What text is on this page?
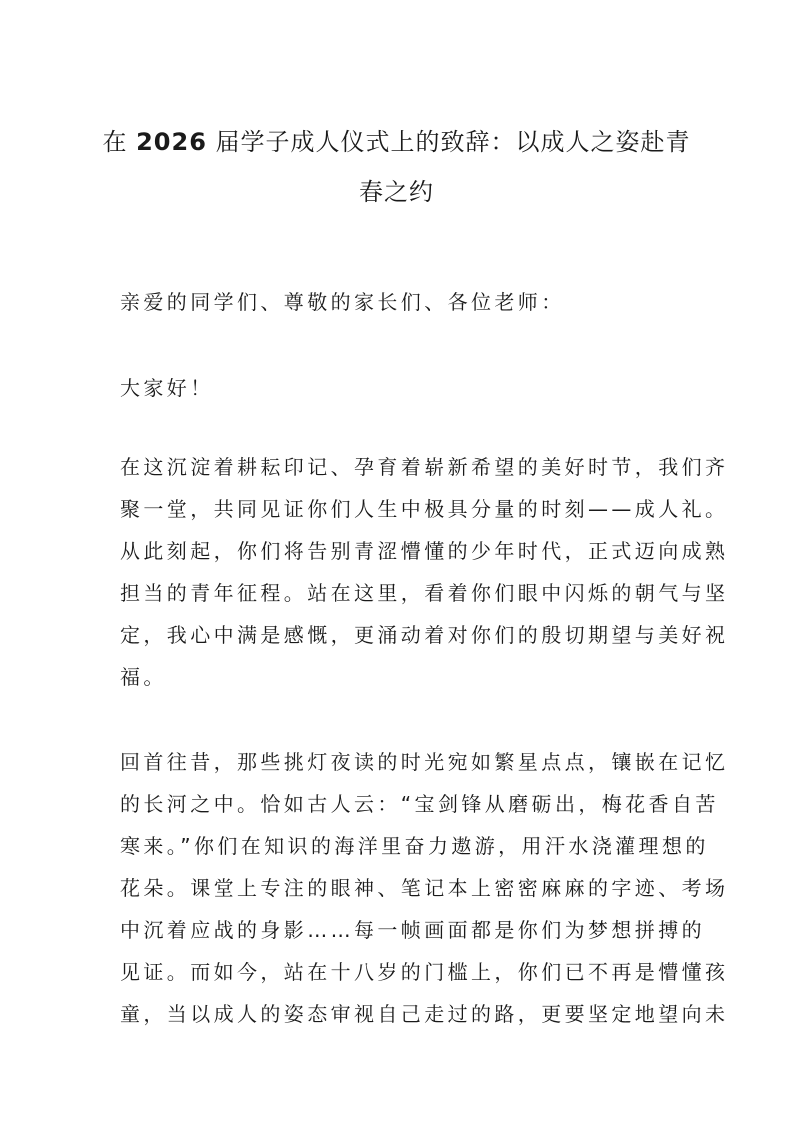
在 2026 届学子成人仪式上的致辞：以成人之姿赴青
春之约
亲爱的同学们、尊敬的家长们、各位老师：
大家好！
在这沉淀着耕耘印记、孕育着崭新希望的美好时节，我们齐
聚一堂，共同见证你们人生中极具分量的时刻——成人礼。
从此刻起，你们将告别青涩懵懂的少年时代，正式迈向成熟
担当的青年征程。站在这里，看着你们眼中闪烁的朝气与坚
定，我心中满是感慨，更涌动着对你们的殷切期望与美好祝
福。
回首往昔，那些挑灯夜读的时光宛如繁星点点，镶嵌在记忆
的长河之中。恰如古人云：“宝剑锋从磨砺出，梅花香自苦
寒来。”你们在知识的海洋里奋力遨游，用汗水浇灌理想的
花朵。课堂上专注的眼神、笔记本上密密麻麻的字迹、考场
中沉着应战的身影……每一帧画面都是你们为梦想拼搏的
见证。而如今，站在十八岁的门槛上，你们已不再是懵懂孩
童，当以成人的姿态审视自己走过的路，更要坚定地望向未
